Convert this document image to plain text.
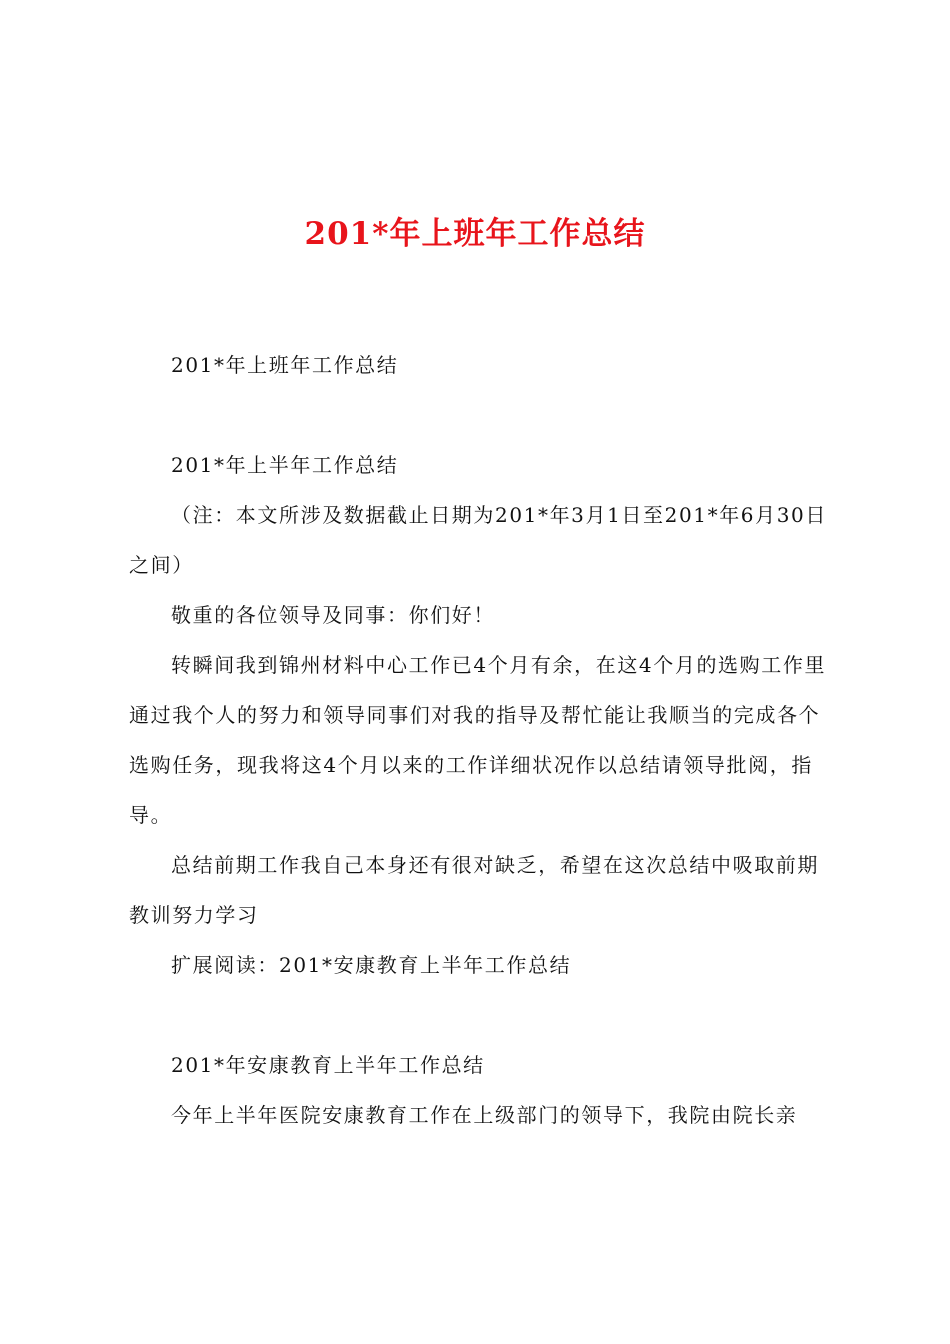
201*年上班年工作总结

201*年上班年工作总结

201*年上半年工作总结

（注：本文所涉及数据截止日期为201*年3月1日至201*年6月30日之间）

敬重的各位领导及同事：你们好！

转瞬间我到锦州材料中心工作已4个月有余，在这4个月的选购工作里通过我个人的努力和领导同事们对我的指导及帮忙能让我顺当的完成各个选购任务，现我将这4个月以来的工作详细状况作以总结请领导批阅，指导。

总结前期工作我自己本身还有很对缺乏，希望在这次总结中吸取前期教训努力学习

扩展阅读：201*安康教育上半年工作总结

201*年安康教育上半年工作总结

今年上半年医院安康教育工作在上级部门的领导下，我院由院长亲
